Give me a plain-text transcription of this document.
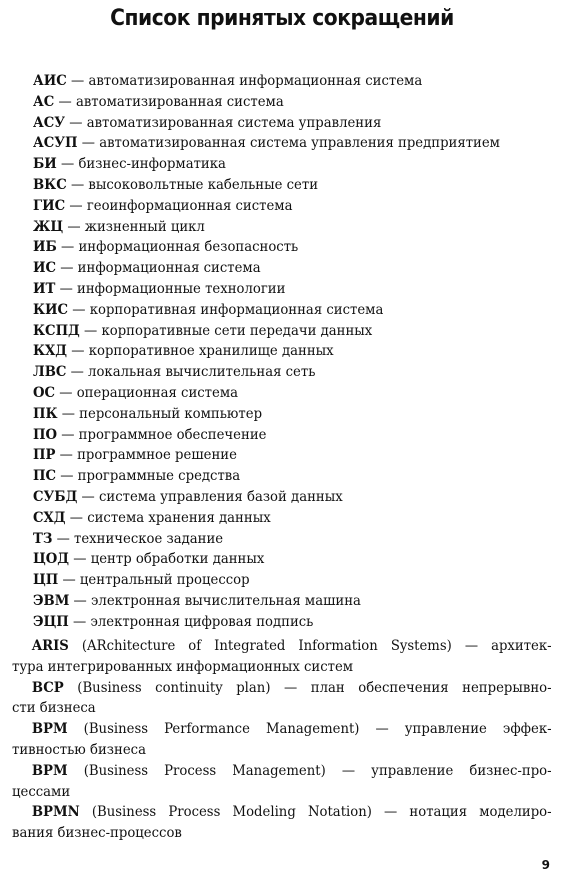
Список принятых сокращений
АИС — автоматизированная информационная система
АС — автоматизированная система
АСУ — автоматизированная система управления
АСУП — автоматизированная система управления предприятием
БИ — бизнес-информатика
ВКС — высоковольтные кабельные сети
ГИС — геоинформационная система
ЖЦ — жизненный цикл
ИБ — информационная безопасность
ИС — информационная система
ИТ — информационные технологии
КИС — корпоративная информационная система
КСПД — корпоративные сети передачи данных
КХД — корпоративное хранилище данных
ЛВС — локальная вычислительная сеть
ОС — операционная система
ПК — персональный компьютер
ПО — программное обеспечение
ПР — программное решение
ПС — программные средства
СУБД — система управления базой данных
СХД — система хранения данных
ТЗ — техническое задание
ЦОД — центр обработки данных
ЦП — центральный процессор
ЭВМ — электронная вычислительная машина
ЭЦП — электронная цифровая подпись
ARIS (ARchitecture of Integrated Information Systems) — архитек-
тура интегрированных информационных систем
BCP (Business continuity plan) — план обеспечения непрерывно-
сти бизнеса
BPM (Business Performance Management) — управление эффек-
тивностью бизнеса
BPM (Business Process Management) — управление бизнес-про-
цессами
BPMN (Business Process Modeling Notation) — нотация моделиро-
вания бизнес-процессов
9
